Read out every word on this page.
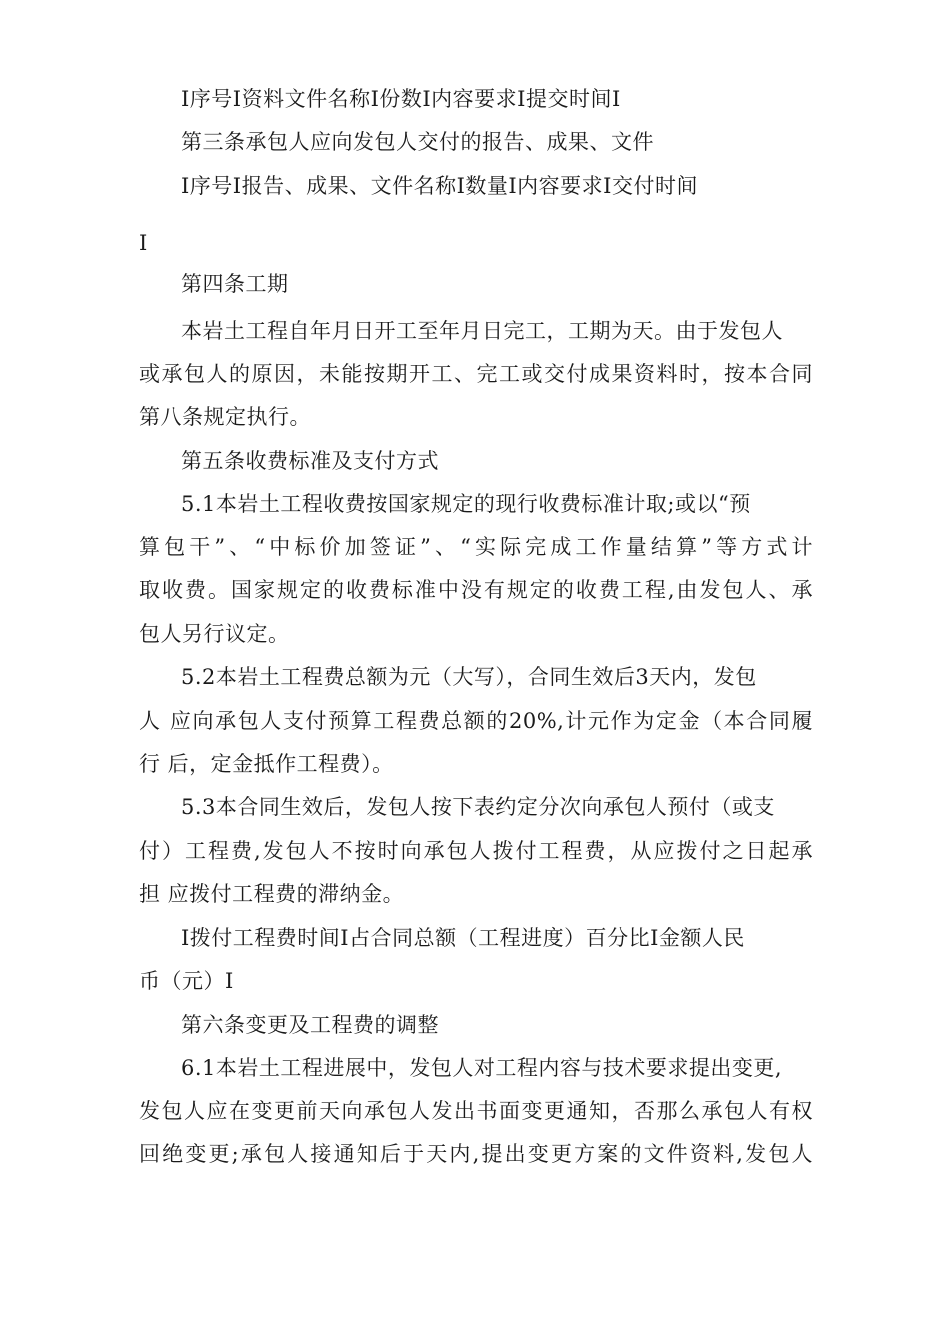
I序号I资料文件名称I份数I内容要求I提交时间I
第三条承包人应向发包人交付的报告、成果、文件
I序号I报告、成果、文件名称I数量I内容要求I交付时间
I
第四条工期
本岩土工程自年月日开工至年月日完工，工期为天。由于发包人
或承包人的原因，未能按期开工、完工或交付成果资料时，按本合同
第八条规定执行。
第五条收费标准及支付方式
5.1本岩土工程收费按国家规定的现行收费标准计取;或以“预
算包干”、“中标价加签证”、“实际完成工作量结算”等方式计
取收费。国家规定的收费标准中没有规定的收费工程,由发包人、承
包人另行议定。
5.2本岩土工程费总额为元（大写），合同生效后3天内，发包
人 应向承包人支付预算工程费总额的20%,计元作为定金（本合同履
行 后，定金抵作工程费）。
5.3本合同生效后，发包人按下表约定分次向承包人预付（或支
付）工程费,发包人不按时向承包人拨付工程费，从应拨付之日起承
担 应拨付工程费的滞纳金。
I拨付工程费时间I占合同总额（工程进度）百分比I金额人民
币（元）I
第六条变更及工程费的调整
6.1本岩土工程进展中，发包人对工程内容与技术要求提出变更,
发包人应在变更前天向承包人发出书面变更通知，否那么承包人有权
回绝变更;承包人接通知后于天内,提出变更方案的文件资料,发包人
